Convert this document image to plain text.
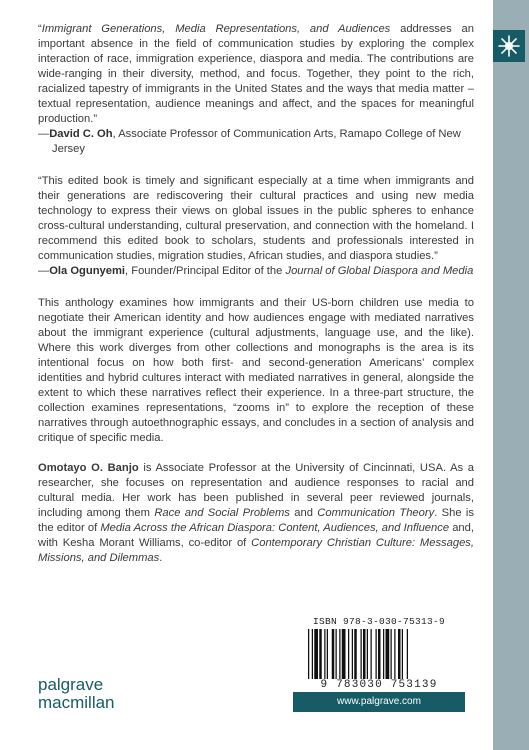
“Immigrant Generations, Media Representations, and Audiences addresses an important absence in the field of communication studies by exploring the complex interaction of race, immigration experience, diaspora and media. The contributions are wide-ranging in their diversity, method, and focus. Together, they point to the rich, racialized tapestry of immigrants in the United States and the ways that media matter – textual representation, audience meanings and affect, and the spaces for meaningful production.”

—David C. Oh, Associate Professor of Communication Arts, Ramapo College of New Jersey

“This edited book is timely and significant especially at a time when immigrants and their generations are rediscovering their cultural practices and using new media technology to express their views on global issues in the public spheres to enhance cross-cultural understanding, cultural preservation, and connection with the homeland. I recommend this edited book to scholars, students and professionals interested in communication studies, migration studies, African studies, and diaspora studies.”

—Ola Ogunyemi, Founder/Principal Editor of the Journal of Global Diaspora and Media

This anthology examines how immigrants and their US-born children use media to negotiate their American identity and how audiences engage with mediated narratives about the immigrant experience (cultural adjustments, language use, and the like). Where this work diverges from other collections and monographs is the area is its intentional focus on how both first- and second-generation Americans’ complex identities and hybrid cultures interact with mediated narratives in general, alongside the extent to which these narratives reflect their experience. In a three-part structure, the collection examines representations, “zooms in” to explore the reception of these narratives through autoethnographic essays, and concludes in a section of analysis and critique of specific media.

Omotayo O. Banjo is Associate Professor at the University of Cincinnati, USA. As a researcher, she focuses on representation and audience responses to racial and cultural media. Her work has been published in several peer reviewed journals, including among them Race and Social Problems and Communication Theory. She is the editor of Media Across the African Diaspora: Content, Audiences, and Influence and, with Kesha Morant Williams, co-editor of Contemporary Christian Culture: Messages, Missions, and Dilemmas.

ISBN 978-3-030-75313-9
9 783030 753139
www.palgrave.com
palgrave
macmillan
